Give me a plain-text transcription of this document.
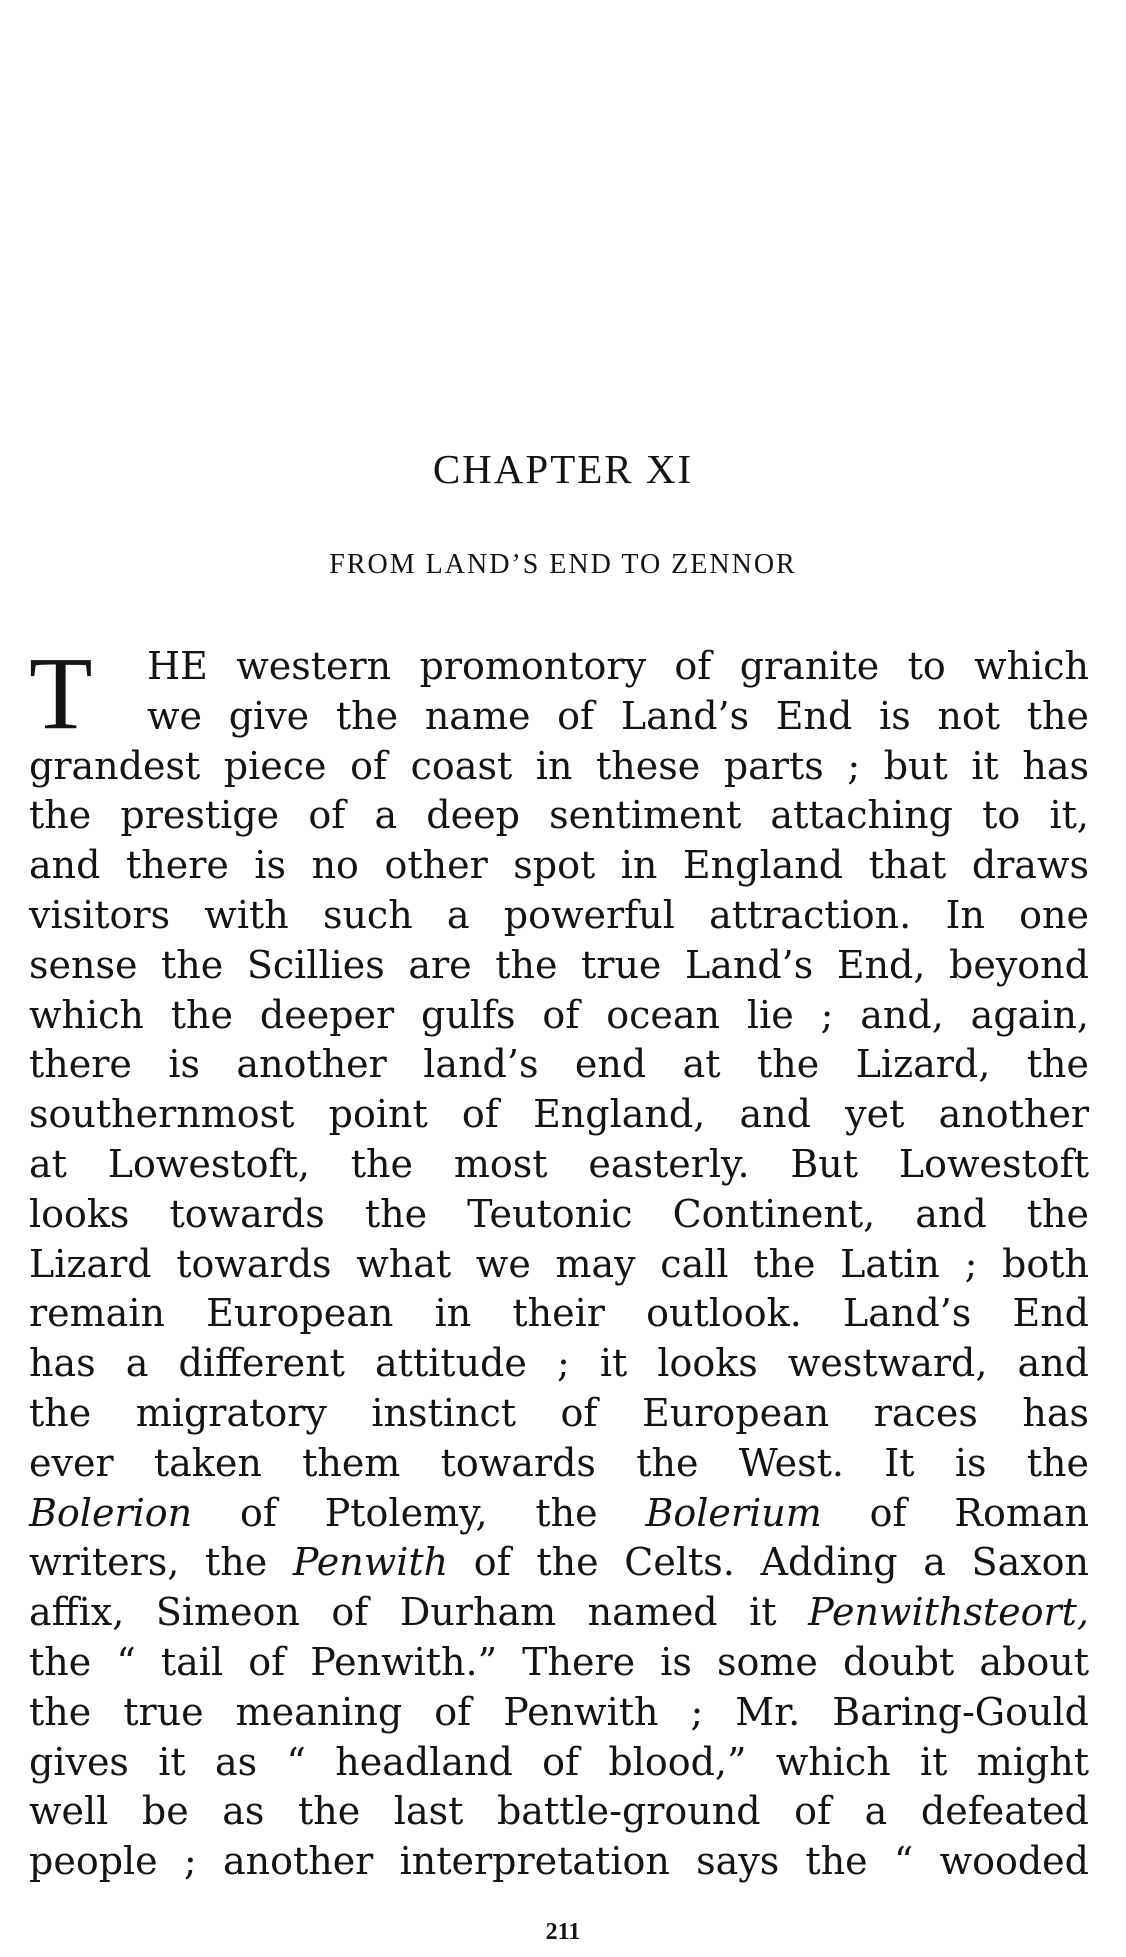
CHAPTER XI
FROM LAND’S END TO ZENNOR
T	HE western promontory of granite to which
we give the name of Land’s End is not the
grandest piece of coast in these parts ; but it has
the prestige of a deep sentiment attaching to it,
and there is no other spot in England that draws
visitors with such a powerful attraction. In one
sense the Scillies are the true Land’s End, beyond
which the deeper gulfs of ocean lie ; and, again,
there is another land’s end at the Lizard, the
southernmost point of England, and yet another
at Lowestoft, the most easterly. But Lowestoft
looks towards the Teutonic Continent, and the
Lizard towards what we may call the Latin ; both
remain European in their outlook. Land’s End
has a different attitude ; it looks westward, and
the migratory instinct of European races has
ever taken them towards the West. It is the
Bolerion of Ptolemy, the Bolerium of Roman
writers, the Penwith of the Celts. Adding a Saxon
affix, Simeon of Durham named it Penwithsteort,
the “ tail of Penwith.” There is some doubt about
the true meaning of Penwith ; Mr. Baring-Gould
gives it as “ headland of blood,” which it might
well be as the last battle-ground of a defeated
people ; another interpretation says the “ wooded
211
